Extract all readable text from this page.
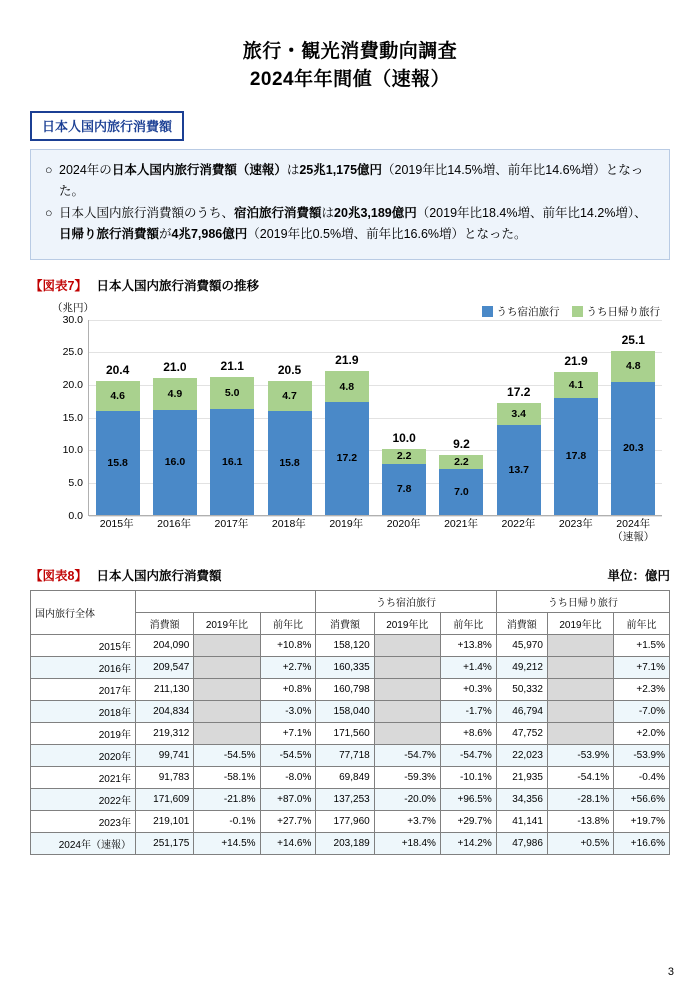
旅行・観光消費動向調査
2024年年間値（速報）
日本人国内旅行消費額

○ 2024年の日本人国内旅行消費額（速報）は25兆1,175億円（2019年比14.5%増、前年比14.6%増）となった。

○ 日本人国内旅行消費額のうち、宿泊旅行消費額は20兆3,189億円（2019年比18.4%増、前年比14.2%増）、日帰り旅行消費額が4兆7,986億円（2019年比0.5%増、前年比16.6%増）となった。

【図表7】 日本人国内旅行消費額の推移
（兆円）	うち宿泊旅行	うち日帰り旅行
0.0
5.0
10.0
15.0
20.0
25.0
30.0
20.4
4.6
15.8
21.0
4.9
16.0
21.1
5.0
16.1
20.5
4.7
15.8
21.9
4.8
17.2
10.0
2.2
7.8
9.2
2.2
7.0
17.2
3.4
13.7
21.9
4.1
17.8
25.1
4.8
20.3
2015年	2016年	2017年	2018年	2019年	2020年	2021年	2022年	2023年	2024年
（速報）
【図表8】 日本人国内旅行消費額	単位：億円
国内旅行全体				うち宿泊旅行			うち日帰り旅行		
	消費額	2019年比	前年比	消費額	2019年比	前年比	消費額	2019年比	前年比
2015年	204,090		+10.8%	158,120		+13.8%	45,970		+1.5%
2016年	209,547		+2.7%	160,335		+1.4%	49,212		+7.1%
2017年	211,130		+0.8%	160,798		+0.3%	50,332		+2.3%
2018年	204,834		-3.0%	158,040		-1.7%	46,794		-7.0%
2019年	219,312		+7.1%	171,560		+8.6%	47,752		+2.0%
2020年	99,741	-54.5%	-54.5%	77,718	-54.7%	-54.7%	22,023	-53.9%	-53.9%
2021年	91,783	-58.1%	-8.0%	69,849	-59.3%	-10.1%	21,935	-54.1%	-0.4%
2022年	171,609	-21.8%	+87.0%	137,253	-20.0%	+96.5%	34,356	-28.1%	+56.6%
2023年	219,101	-0.1%	+27.7%	177,960	+3.7%	+29.7%	41,141	-13.8%	+19.7%
2024年（速報）	251,175	+14.5%	+14.6%	203,189	+18.4%	+14.2%	47,986	+0.5%	+16.6%
3
